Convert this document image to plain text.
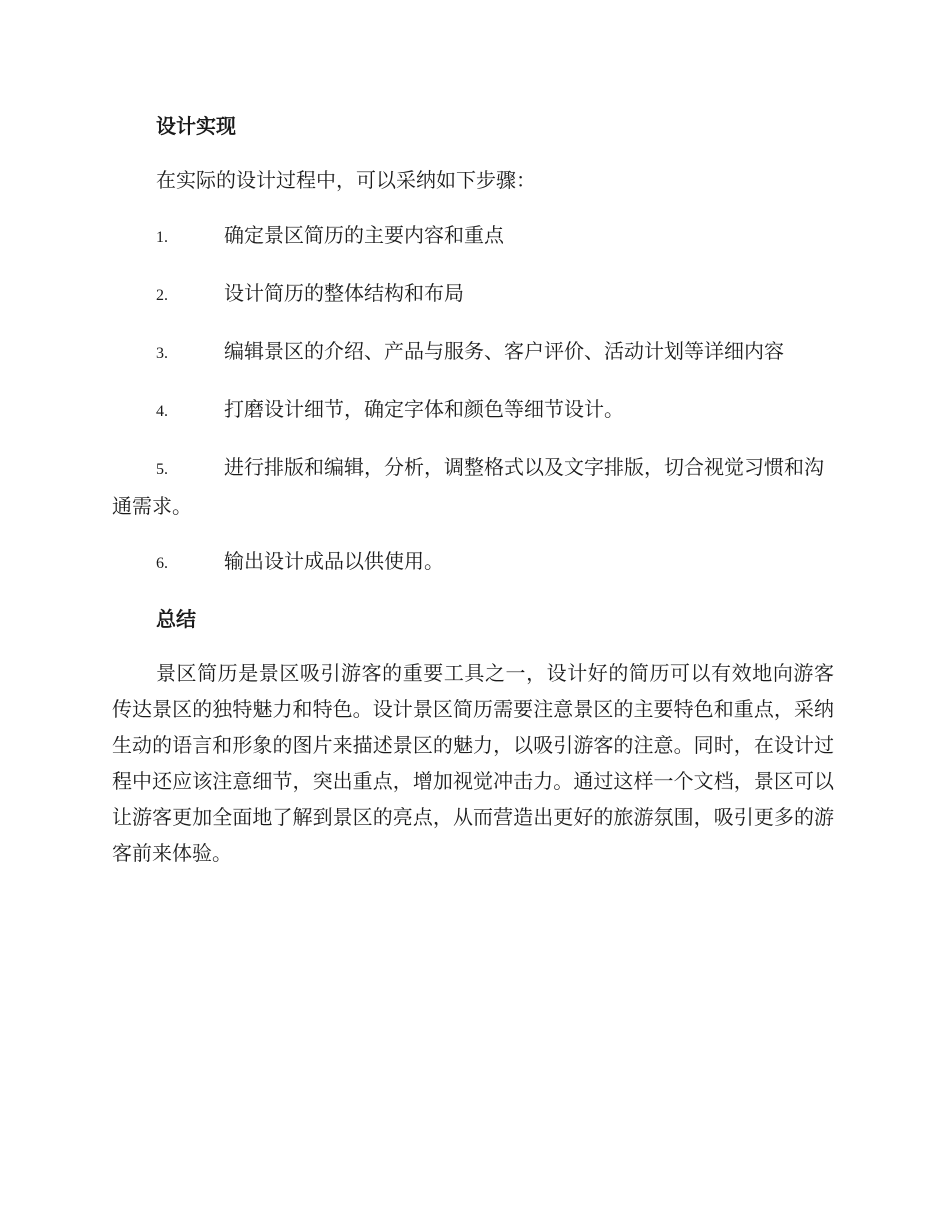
设计实现

在实际的设计过程中，可以采纳如下步骤：

1.	确定景区简历的主要内容和重点

2.	设计简历的整体结构和布局

3.	编辑景区的介绍、产品与服务、客户评价、活动计划等详细内容

4.	打磨设计细节，确定字体和颜色等细节设计。

5.	进行排版和编辑，分析，调整格式以及文字排版，切合视觉习惯和沟通需求。

6.	输出设计成品以供使用。

总结

景区简历是景区吸引游客的重要工具之一，设计好的简历可以有效地向游客传达景区的独特魅力和特色。设计景区简历需要注意景区的主要特色和重点，采纳生动的语言和形象的图片来描述景区的魅力，以吸引游客的注意。同时，在设计过程中还应该注意细节，突出重点，增加视觉冲击力。通过这样一个文档，景区可以让游客更加全面地了解到景区的亮点，从而营造出更好的旅游氛围，吸引更多的游客前来体验。
